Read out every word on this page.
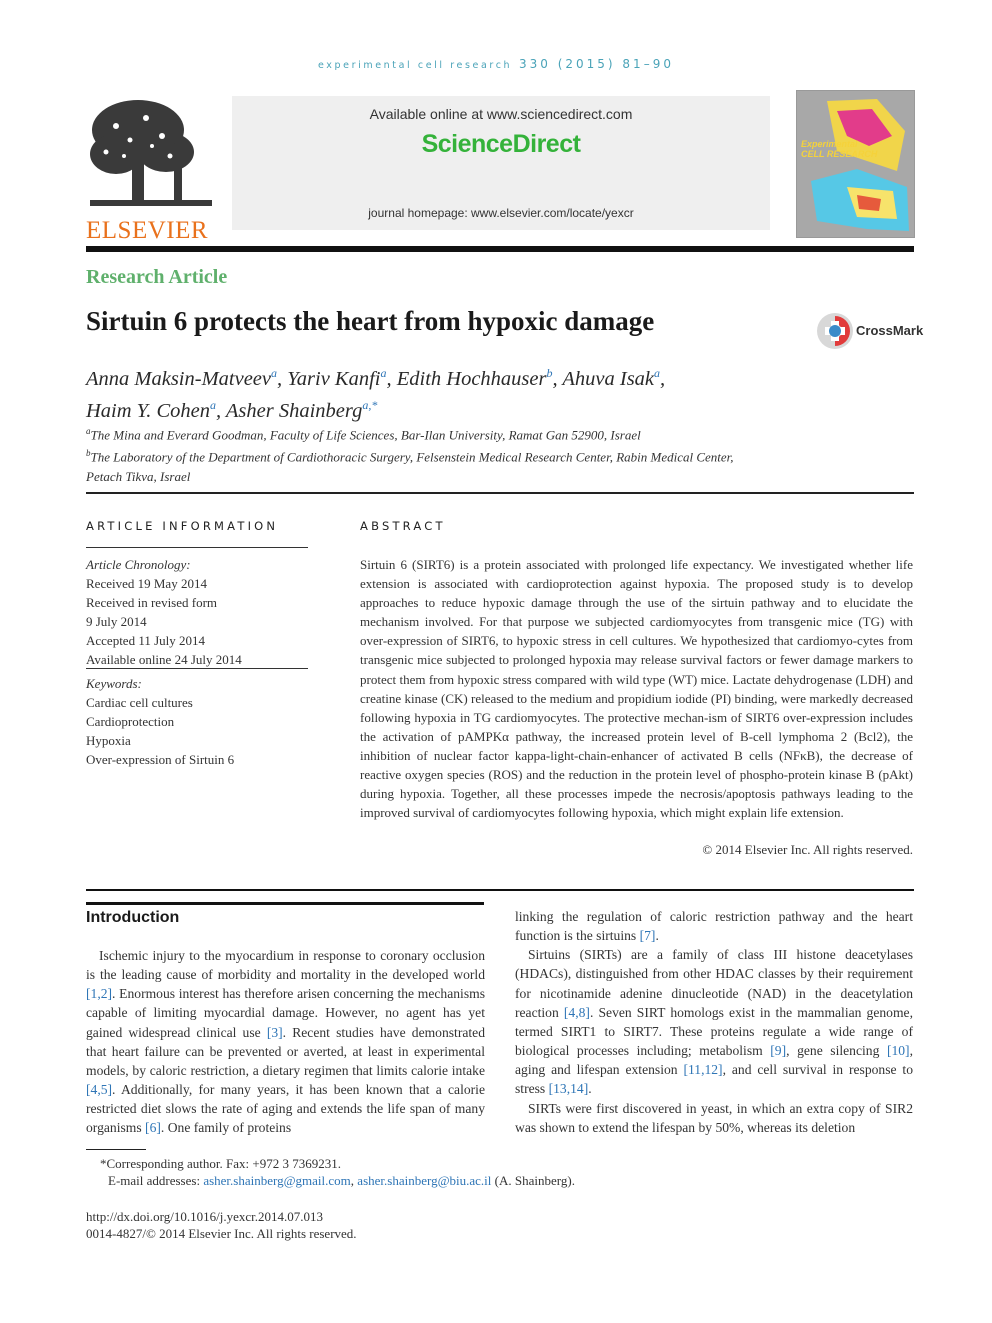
experimental cell research 330 (2015) 81–90
ELSEVIER
Available online at www.sciencedirect.com
ScienceDirect
journal homepage: www.elsevier.com/locate/yexcr
Experimental
CELL RESEARCH
Research Article
Sirtuin 6 protects the heart from hypoxic damage	CrossMark
Anna Maksin-Matveev$^a$, Yariv Kanfi$^a$, Edith Hochhauser$^b$, Ahuva Isak$^a$,
Haim Y. Cohen$^a$, Asher Shainberg$^{a,*}$
$^a$The Mina and Everard Goodman, Faculty of Life Sciences, Bar-Ilan University, Ramat Gan 52900, Israel
$^b$The Laboratory of the Department of Cardiothoracic Surgery, Felsenstein Medical Research Center, Rabin Medical Center,
Petach Tikva, Israel
ARTICLE INFORMATION
Article Chronology:
Received 19 May 2014
Received in revised form
9 July 2014
Accepted 11 July 2014
Available online 24 July 2014
Keywords:
Cardiac cell cultures
Cardioprotection
Hypoxia
Over-expression of Sirtuin 6
ABSTRACT
Sirtuin 6 (SIRT6) is a protein associated with prolonged life expectancy. We investigated whether life extension is associated with cardioprotection against hypoxia. The proposed study is to develop approaches to reduce hypoxic damage through the use of the sirtuin pathway and to elucidate the mechanism involved. For that purpose we subjected cardiomyocytes from transgenic mice (TG) with over-expression of SIRT6, to hypoxic stress in cell cultures. We hypothesized that cardiomyo-cytes from transgenic mice subjected to prolonged hypoxia may release survival factors or fewer damage markers to protect them from hypoxic stress compared with wild type (WT) mice. Lactate dehydrogenase (LDH) and creatine kinase (CK) released to the medium and propidium iodide (PI) binding, were markedly decreased following hypoxia in TG cardiomyocytes. The protective mechan-ism of SIRT6 over-expression includes the activation of pAMPKα pathway, the increased protein level of B-cell lymphoma 2 (Bcl2), the inhibition of nuclear factor kappa-light-chain-enhancer of activated B cells (NFκB), the decrease of reactive oxygen species (ROS) and the reduction in the protein level of phospho-protein kinase B (pAkt) during hypoxia. Together, all these processes impede the necrosis/apoptosis pathways leading to the improved survival of cardiomyocytes following hypoxia, which might explain life extension.
© 2014 Elsevier Inc. All rights reserved.
Introduction

Ischemic injury to the myocardium in response to coronary occlusion is the leading cause of morbidity and mortality in the developed world [1,2]. Enormous interest has therefore arisen concerning the mechanisms capable of limiting myocardial damage. However, no agent has yet gained widespread clinical use [3]. Recent studies have demonstrated that heart failure can be prevented or averted, at least in experimental models, by caloric restriction, a dietary regimen that limits calorie intake [4,5]. Additionally, for many years, it has been known that a calorie restricted diet slows the rate of aging and extends the life span of many organisms [6]. One family of proteins

linking the regulation of caloric restriction pathway and the heart function is the sirtuins [7].

Sirtuins (SIRTs) are a family of class III histone deacetylases (HDACs), distinguished from other HDAC classes by their requirement for nicotinamide adenine dinucleotide (NAD) in the deacetylation reaction [4,8]. Seven SIRT homologs exist in the mammalian genome, termed SIRT1 to SIRT7. These proteins regulate a wide range of biological processes including; metabolism [9], gene silencing [10], aging and lifespan extension [11,12], and cell survival in response to stress [13,14].

SIRTs were first discovered in yeast, in which an extra copy of SIR2 was shown to extend the lifespan by 50%, whereas its deletion

*Corresponding author. Fax: +972 3 7369231.
E-mail addresses: asher.shainberg@gmail.com, asher.shainberg@biu.ac.il (A. Shainberg).
http://dx.doi.org/10.1016/j.yexcr.2014.07.013
0014-4827/© 2014 Elsevier Inc. All rights reserved.
